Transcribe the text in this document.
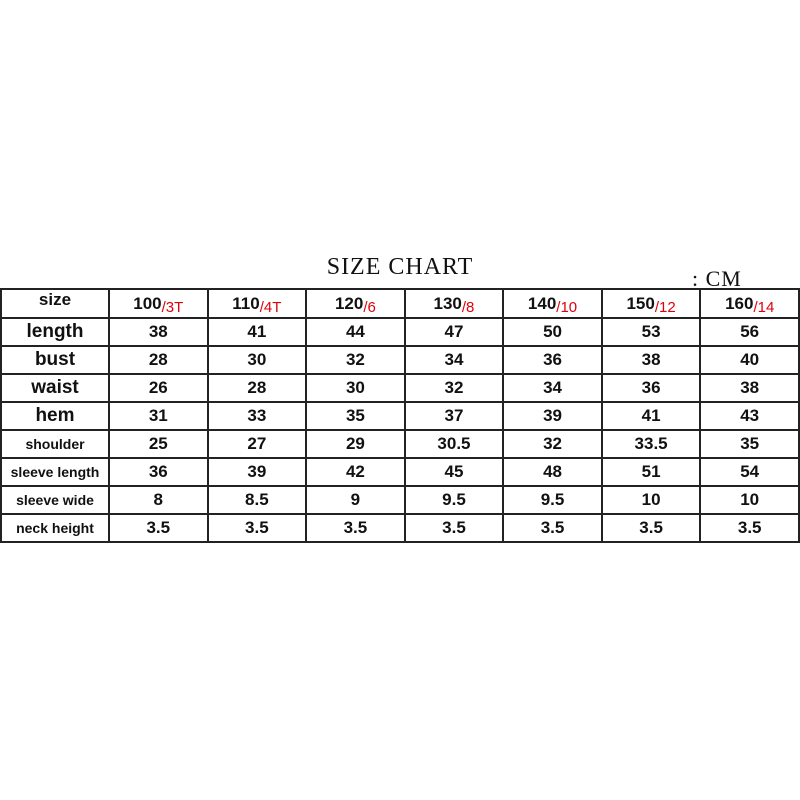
SIZE CHART	: CM
size	100/3T	110/4T	120/6	130/8	140/10	150/12	160/14
length	38	41	44	47	50	53	56
bust	28	30	32	34	36	38	40
waist	26	28	30	32	34	36	38
hem	31	33	35	37	39	41	43
shoulder	25	27	29	30.5	32	33.5	35
sleeve length	36	39	42	45	48	51	54
sleeve wide	8	8.5	9	9.5	9.5	10	10
neck height	3.5	3.5	3.5	3.5	3.5	3.5	3.5
